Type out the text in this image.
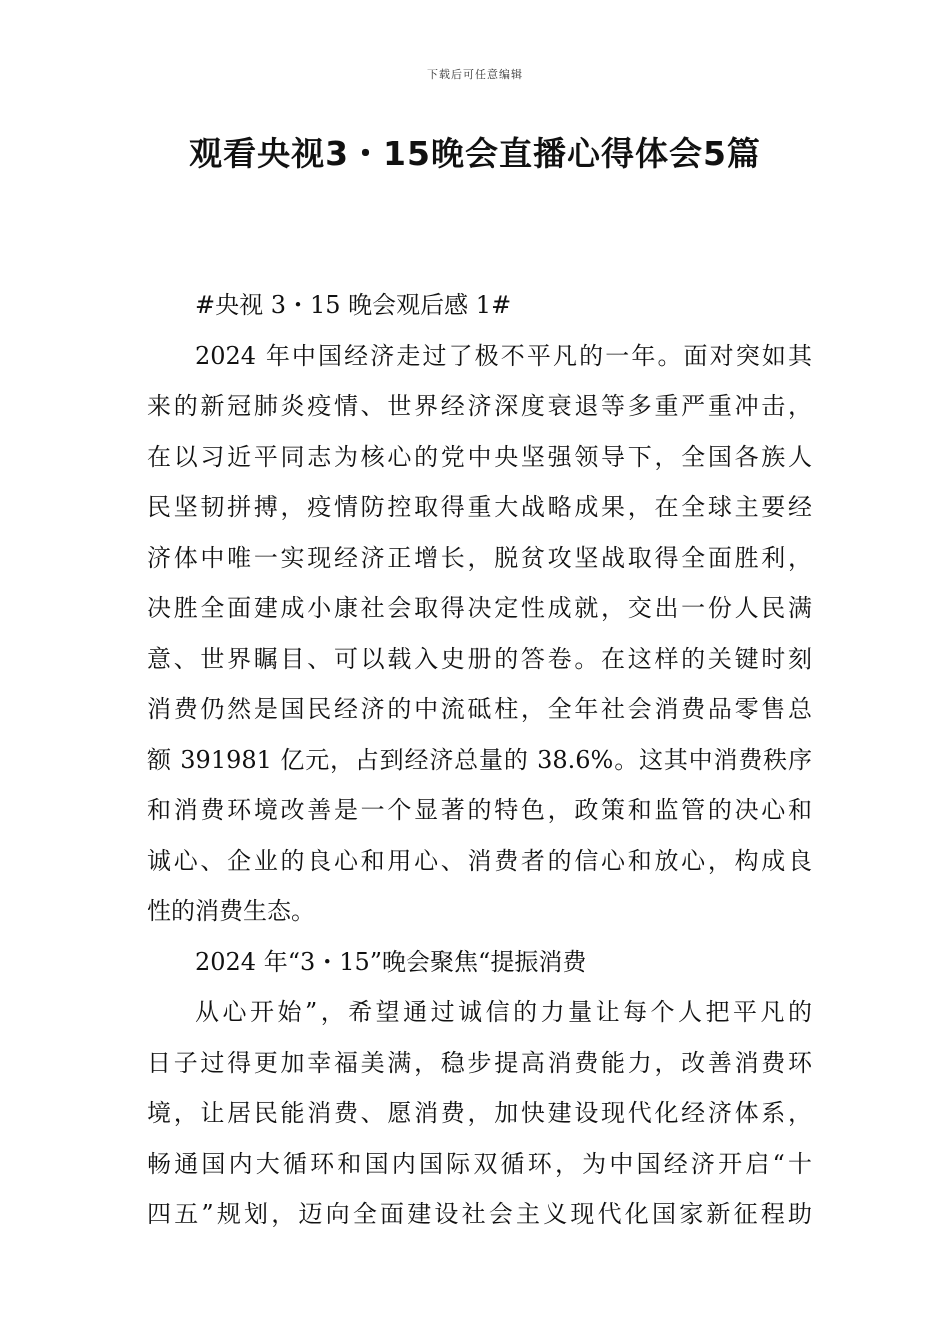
下载后可任意编辑
观看央视3・15晚会直播心得体会5篇
#央视 3・15 晚会观后感 1#
2024 年中国经济走过了极不平凡的一年。面对突如其
来的新冠肺炎疫情、世界经济深度衰退等多重严重冲击，
在以习近平同志为核心的党中央坚强领导下，全国各族人
民坚韧拼搏，疫情防控取得重大战略成果，在全球主要经
济体中唯一实现经济正增长，脱贫攻坚战取得全面胜利，
决胜全面建成小康社会取得决定性成就，交出一份人民满
意、世界瞩目、可以载入史册的答卷。在这样的关键时刻
消费仍然是国民经济的中流砥柱，全年社会消费品零售总
额 391981 亿元，占到经济总量的 38.6%。这其中消费秩序
和消费环境改善是一个显著的特色，政策和监管的决心和
诚心、企业的良心和用心、消费者的信心和放心，构成良
性的消费生态。
2024 年“3・15”晚会聚焦“提振消费
从心开始”，希望通过诚信的力量让每个人把平凡的
日子过得更加幸福美满，稳步提高消费能力，改善消费环
境，让居民能消费、愿消费，加快建设现代化经济体系，
畅通国内大循环和国内国际双循环，为中国经济开启“十
四五”规划，迈向全面建设社会主义现代化国家新征程助
